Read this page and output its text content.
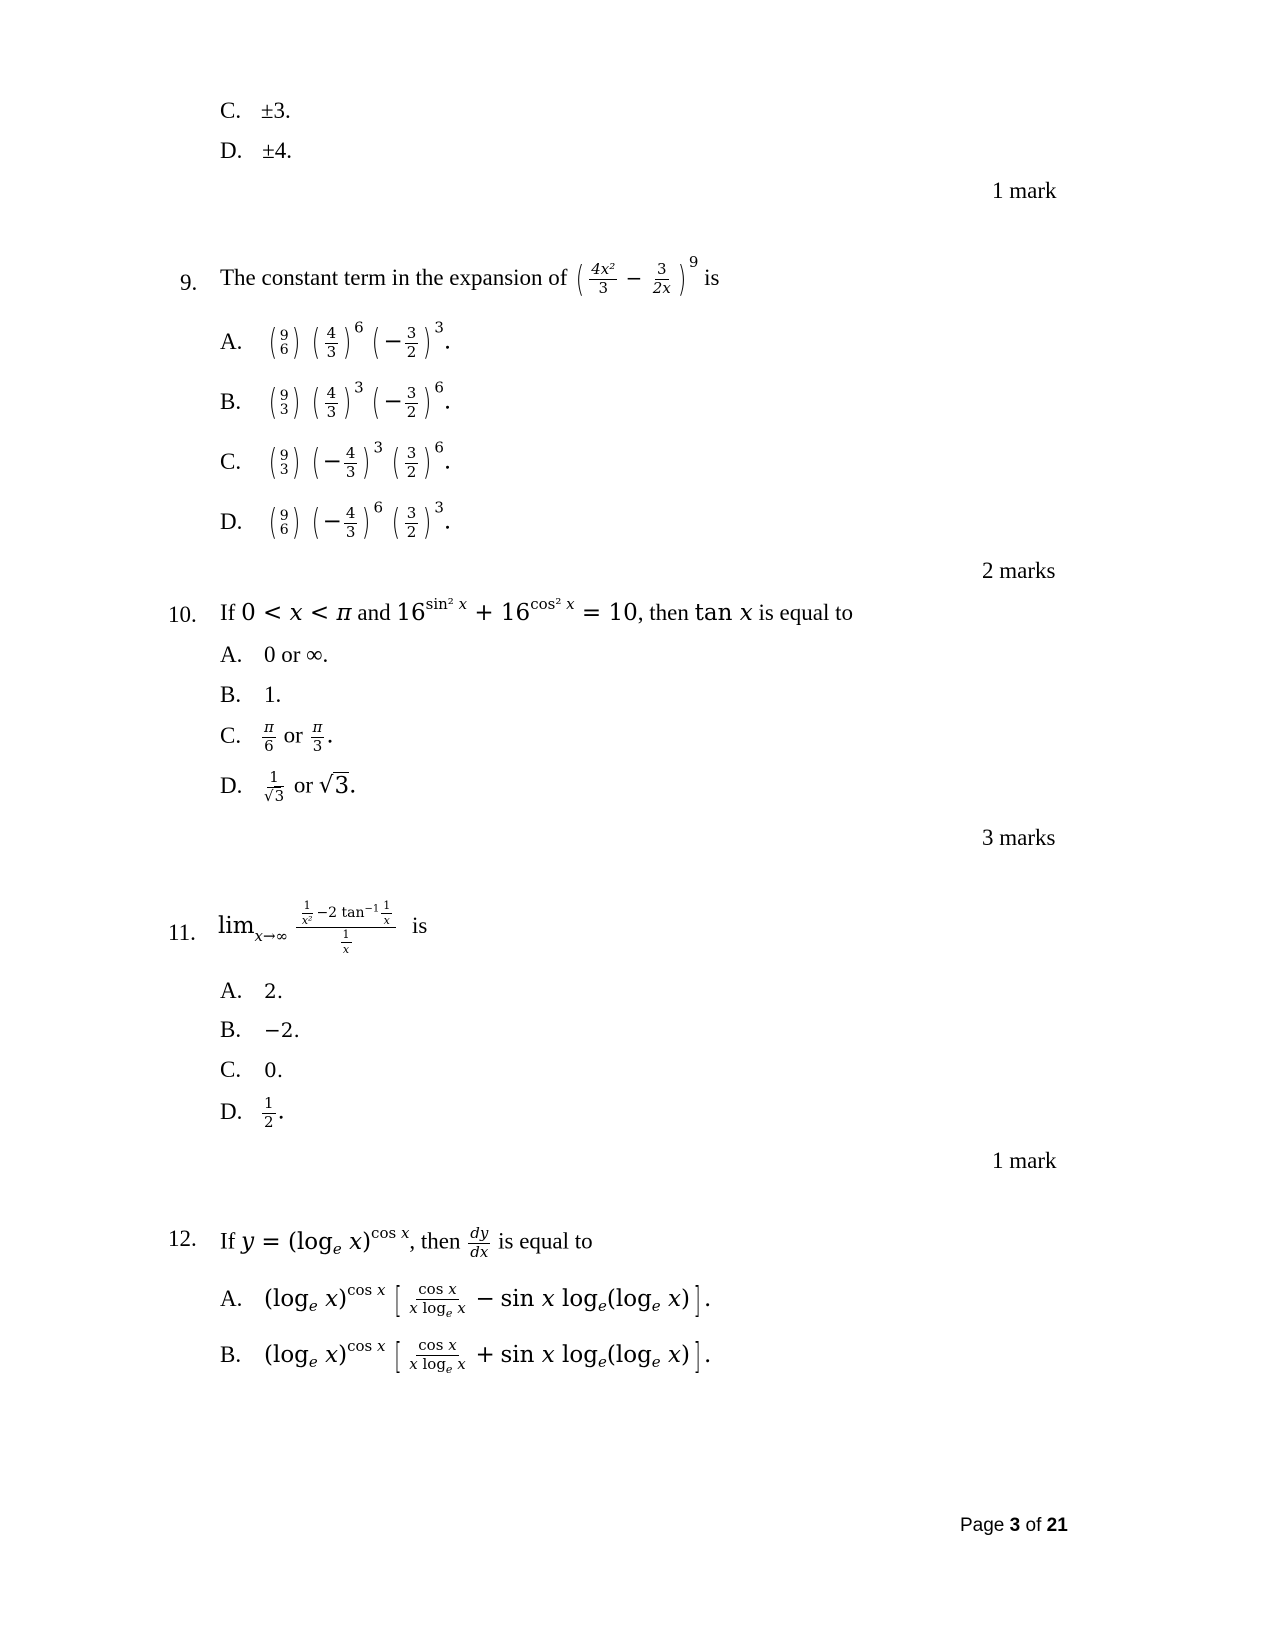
C. ±3.
D. ±4.
1 mark
9. The constant term in the expansion of ( $\frac{\text{4x²}}{3} - \frac{3}{2x}$ ) $^9$ is
A. ( 9
6 ) ( $\frac{4}{3}$ ) $^6$ ( − $\frac{3}{2}$ ) $^3$.
B. ( 9
3 ) ( $\frac{4}{3}$ ) $^3$ ( − $\frac{3}{2}$ ) $^6$.
C. ( 9
3 ) ( − $\frac{4}{3}$ ) $^3$ ( $\frac{3}{2}$ ) $^6$.
D. ( 9
6 ) ( − $\frac{4}{3}$ ) $^6$ ( $\frac{3}{2}$ ) $^3$.
2 marks
10. If 0 < x < π and $16^{sin^2 x} + 16^{cos^2 x} = 10$, then tan x is equal to
A. 0 or ∞.
B. 1.
C. $\frac{\pi}{6}$ or $\frac{\pi}{3}$ .
D. $\frac{1}{√3}$ or √3.
3 marks
11. $\lim_{x\to\infty} \frac{\frac{1}{\text{x²}} -2 \tan^{-1} \frac{1}{x}}{\frac{1}{x}}$ is
A. 2.
B. −2.
C. 0.
D. $\frac{1}{2}$ .
1 mark
12. If $y = (\log_e$ x)$^{cos x}$, then $\frac{dy}{dx}$ is equal to
A. ($\log_e$ x)$^{cos x}$ [ $\frac{\text{cos x}}{x \log_e x} - \sin x$ $\log_e(\log_e$ x)] .
B. ($\log_e$ x)$^{cos x}$ [ $\frac{\text{cos x}}{x \log_e x} + \sin x$ $\log_e(\log_e$ x)] .
Page 3 of 21
